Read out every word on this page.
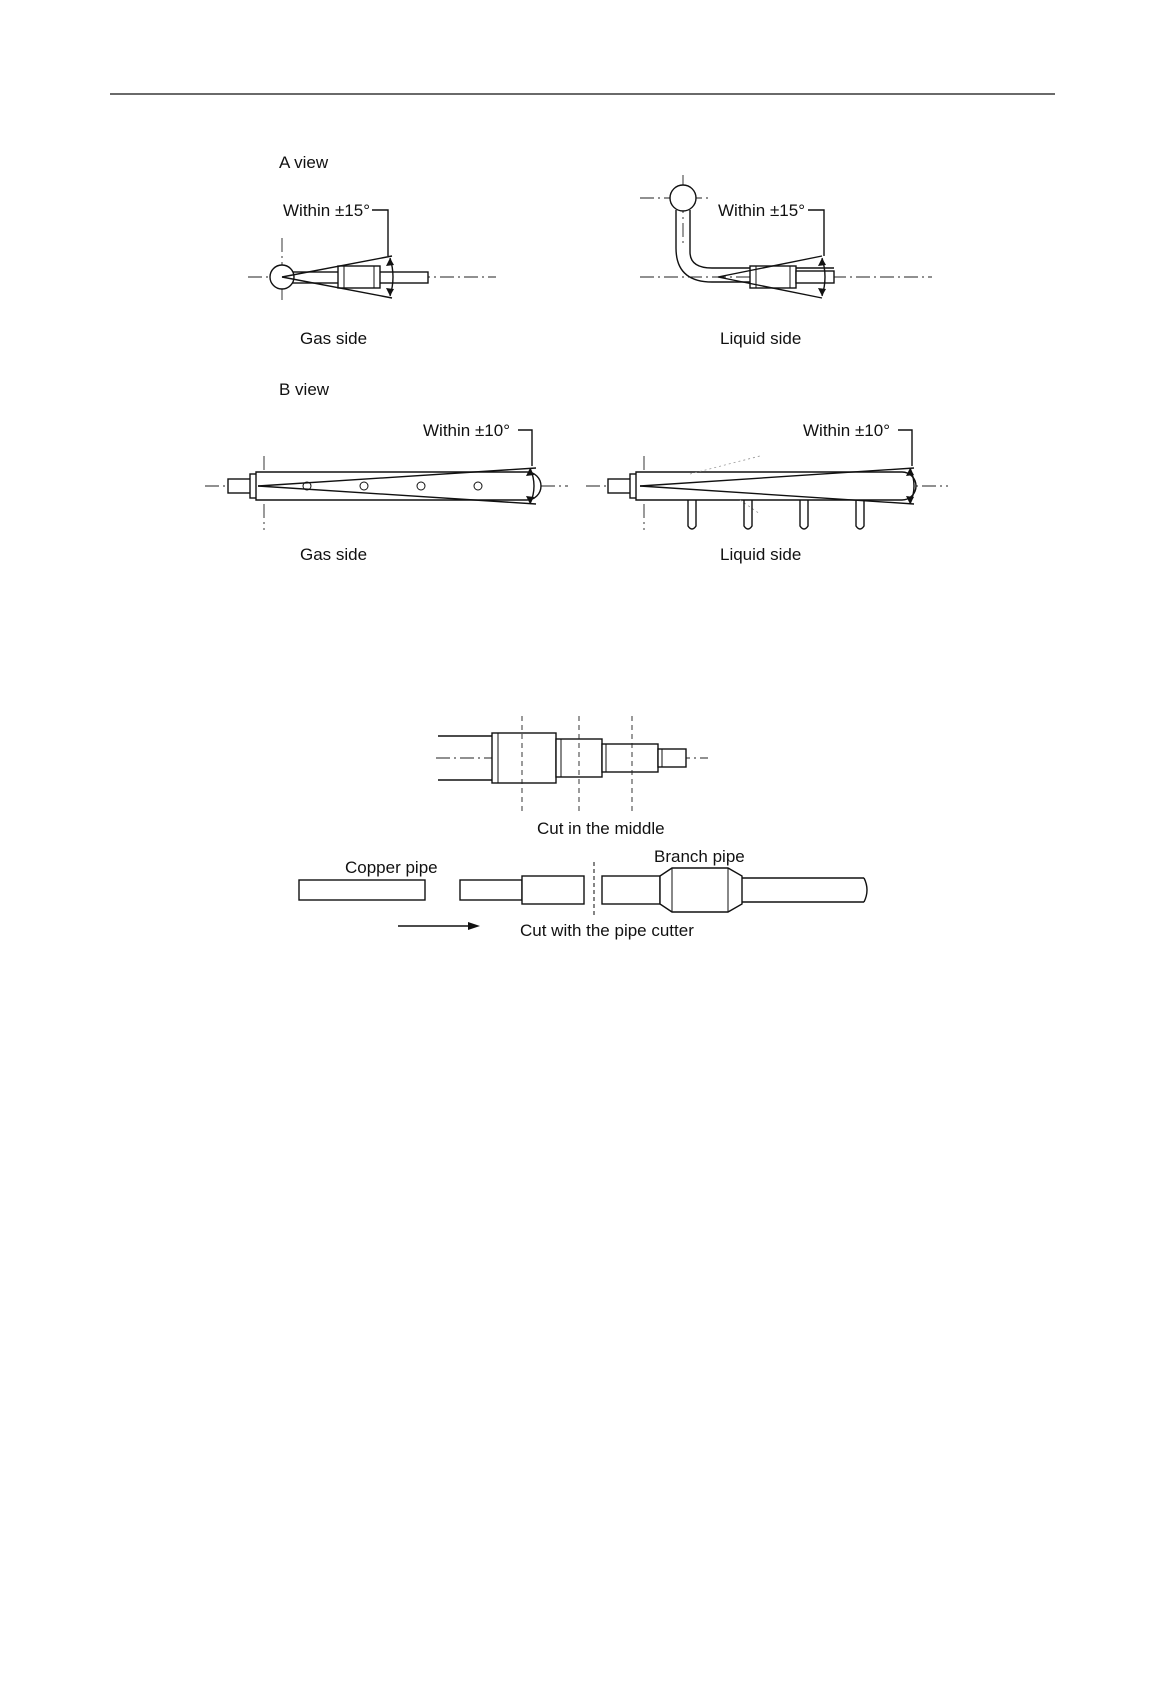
A view
Within ±15°
Gas side
Within ±15°
Liquid side
B view
Within ±10°
Gas side
Within ±10°
Liquid side
Cut in the middle
Copper pipe
Branch pipe
Cut with the pipe cutter
